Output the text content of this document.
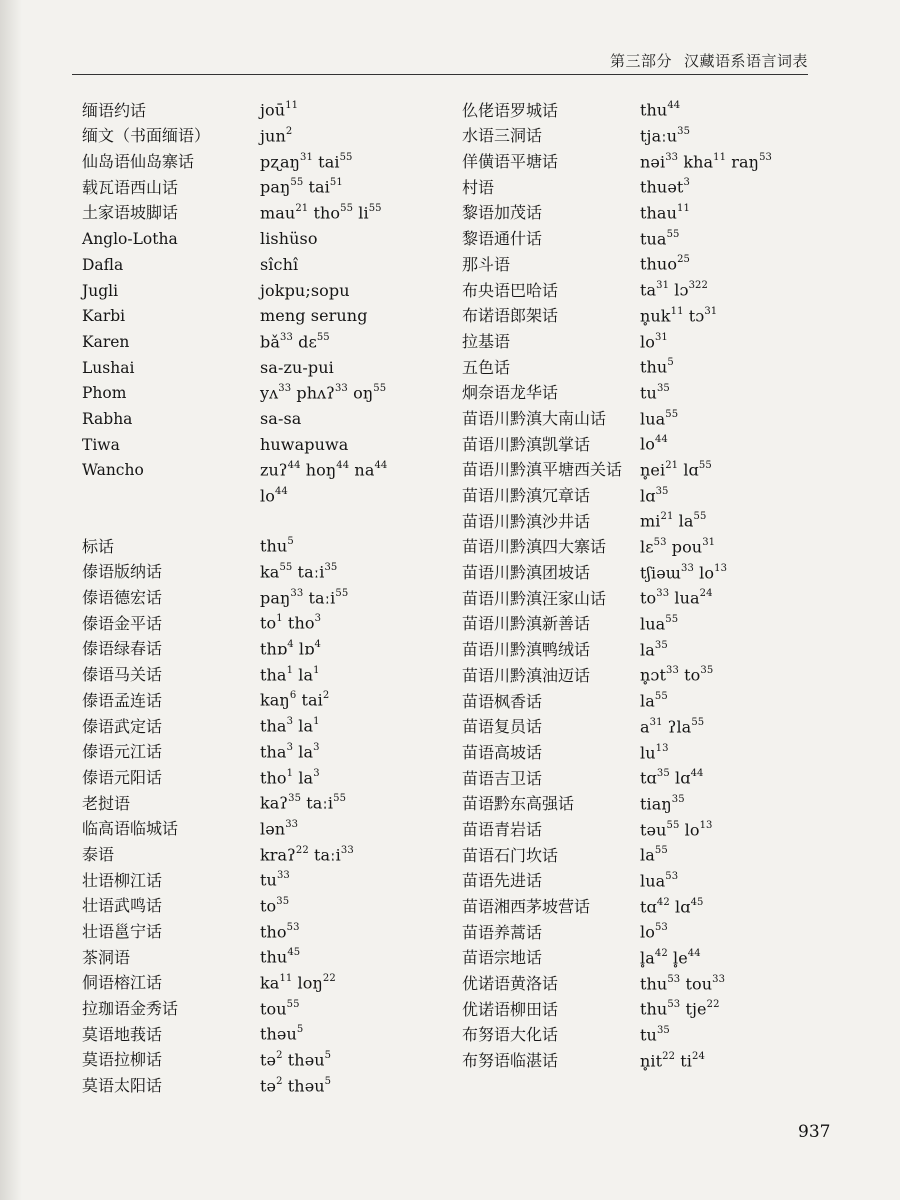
第三部分 汉藏语系语言词表
缅语约话	joū$^{11}$
缅文（书面缅语）	jun$^2$
仙岛语仙岛寨话	pʐaŋ$^{31}$ tai$^{55}$
载瓦语西山话	paŋ$^{55}$ tai$^{51}$
土家语坡脚话	mau$^{21}$ tho$^{55}$ $li^{55}$
Anglo-Lotha	lishüso
Dafla	sîchî
Jugli	jokpu;sopu
Karbi	meng serung
Karen	$bǎ^{33}$ dɛ$^{55}$
Lushai	sa-zu-pui
Phom	yʌ$^{33}$ phʌʔ$^{33}$ $oŋ^{55}$
Rabha	sa-sa
Tiwa	huwapuwa
Wancho	zuʔ$^{44}$ hoŋ$^{44}$ $na^{44}$
$lo^{44}$
标话	thu$^5$
傣语版纳话	$ka^{55}$ taːi$^{35}$
傣语德宏话	paŋ$^{33}$ taːi$^{55}$
傣语金平话	$to^1$ tho$^3$
傣语绿春话	thɒ$^4$ lɒ$^4$
傣语马关话	tha$^1$ $la^1$
傣语孟连话	kaŋ$^6$ tai$^2$
傣语武定话	tha$^3$ $la^1$
傣语元江话	tha$^3$ $la^3$
傣语元阳话	tho$^1$ $la^3$
老挝语	kaʔ$^{35}$ taːi$^{55}$
临高语临城话	lən$^{33}$
泰语	kraʔ$^{22}$ taːi$^{33}$
壮语柳江话	$tu^{33}$
壮语武鸣话	$to^{35}$
壮语邕宁话	tho$^{53}$
茶洞语	thu$^{45}$
侗语榕江话	$ka^{11}$ loŋ$^{22}$
拉珈语金秀话	tou$^{55}$
莫语地莪话	thəu$^5$
莫语拉柳话	tə$^2$ thəu$^5$
莫语太阳话	tə$^2$ thəu$^5$
仫佬语罗城话	thu$^{44}$
水语三洞话	tjaːu$^{35}$
佯僙语平塘话	nəi$^{33}$ kha$^{11}$ raŋ$^{53}$
村语	thuət$^3$
黎语加茂话	thau$^{11}$
黎语通什话	tua$^{55}$
那斗语	thuo$^{25}$
布央语巴哈话	$ta^{31}$ lɔ$^{322}$
布诺语郎架话	$n̥uk^{11}$ tɔ$^{31}$
拉基语	$lo^{31}$
五色话	thu$^5$
炯奈语龙华话	$tu^{35}$
苗语川黔滇大南山话	lua$^{55}$
苗语川黔滇凯掌话	$lo^{44}$
苗语川黔滇平塘西关话	$n̥ei^{21}$ lɑ$^{55}$
苗语川黔滇冗章话	lɑ$^{35}$
苗语川黔滇沙井话	$mi^{21}$ $la^{55}$
苗语川黔滇四大寨话	lɛ$^{53}$ pou$^{31}$
苗语川黔滇团坡话	tʃiəɯ$^{33}$ $lo^{13}$
苗语川黔滇汪家山话	$to^{33}$ lua$^{24}$
苗语川黔滇新善话	lua$^{55}$
苗语川黔滇鸭绒话	$la^{35}$
苗语川黔滇油迈话	n̥ɔt$^{33}$ $to^{35}$
苗语枫香话	$la^{55}$
苗语复员话	$a^{31}$ ʔla$^{55}$
苗语高坡话	$lu^{13}$
苗语吉卫话	tɑ$^{35}$ lɑ$^{44}$
苗语黔东高强话	tiaŋ$^{35}$
苗语青岩话	təu$^{55}$ $lo^{13}$
苗语石门坎话	$la^{55}$
苗语先进话	lua$^{53}$
苗语湘西茅坡营话	tɑ$^{42}$ lɑ$^{45}$
苗语养蒿话	$lo^{53}$
苗语宗地话	$l̥a^{42}$ $l̥e^{44}$
优诺语黄洛话	thu$^{53}$ tou$^{33}$
优诺语柳田话	thu$^{53}$ tje$^{22}$
布努语大化话	$tu^{35}$
布努语临湛话	$n̥it^{22}$ $ti^{24}$
937
